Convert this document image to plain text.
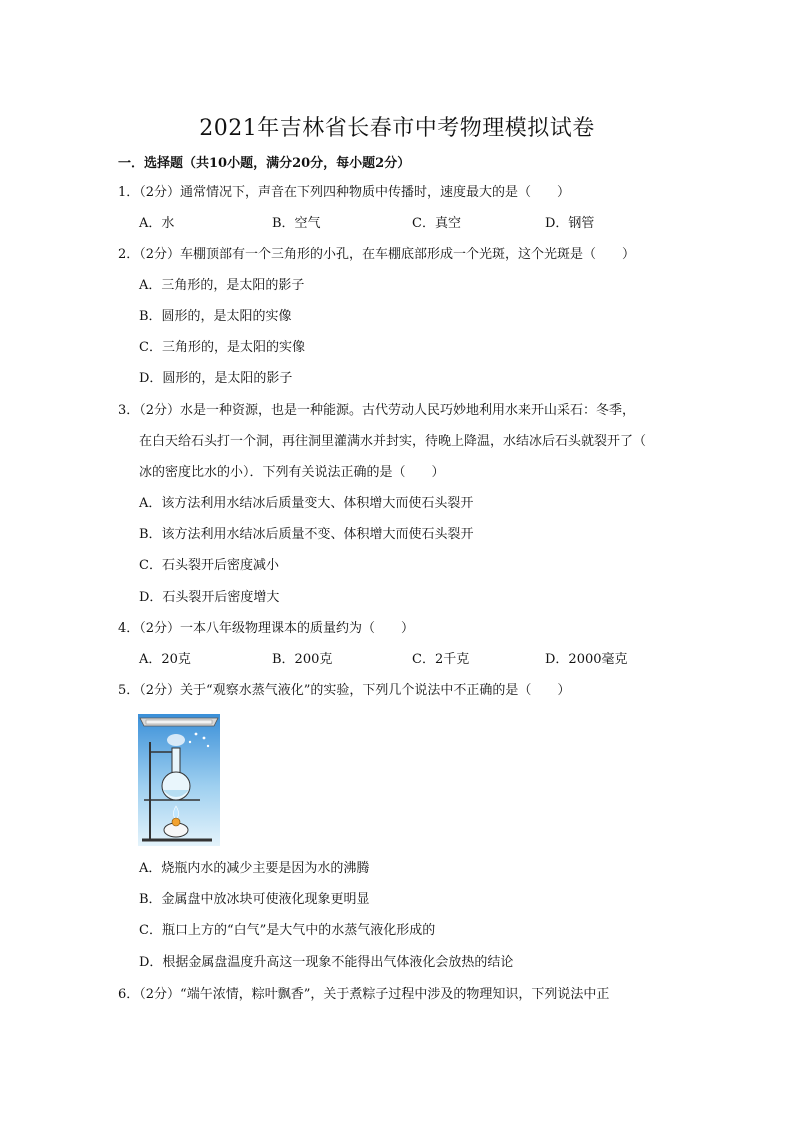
2021年吉林省长春市中考物理模拟试卷
一．选择题（共10小题，满分20分，每小题2分）
1．（2分）通常情况下，声音在下列四种物质中传播时，速度最大的是（　　）
A．水	B．空气	C．真空	D．钢管
2．（2分）车棚顶部有一个三角形的小孔，在车棚底部形成一个光斑，这个光斑是（　　）
A．三角形的，是太阳的影子
B．圆形的，是太阳的实像
C．三角形的，是太阳的实像
D．圆形的，是太阳的影子
3．（2分）水是一种资源，也是一种能源。古代劳动人民巧妙地利用水来开山采石：冬季，
在白天给石头打一个洞，再往洞里灌满水并封实，待晚上降温，水结冰后石头就裂开了（
冰的密度比水的小）．下列有关说法正确的是（　　）
A．该方法利用水结冰后质量变大、体积增大而使石头裂开
B．该方法利用水结冰后质量不变、体积增大而使石头裂开
C．石头裂开后密度减小
D．石头裂开后密度增大
4．（2分）一本八年级物理课本的质量约为（　　）
A．20克	B．200克	C．2千克	D．2000毫克
5．（2分）关于“观察水蒸气液化”的实验，下列几个说法中不正确的是（　　）
A．烧瓶内水的减少主要是因为水的沸腾
B．金属盘中放冰块可使液化现象更明显
C．瓶口上方的“白气”是大气中的水蒸气液化形成的
D．根据金属盘温度升高这一现象不能得出气体液化会放热的结论
6．（2分）“端午浓情，粽叶飘香”，关于煮粽子过程中涉及的物理知识，下列说法中正
